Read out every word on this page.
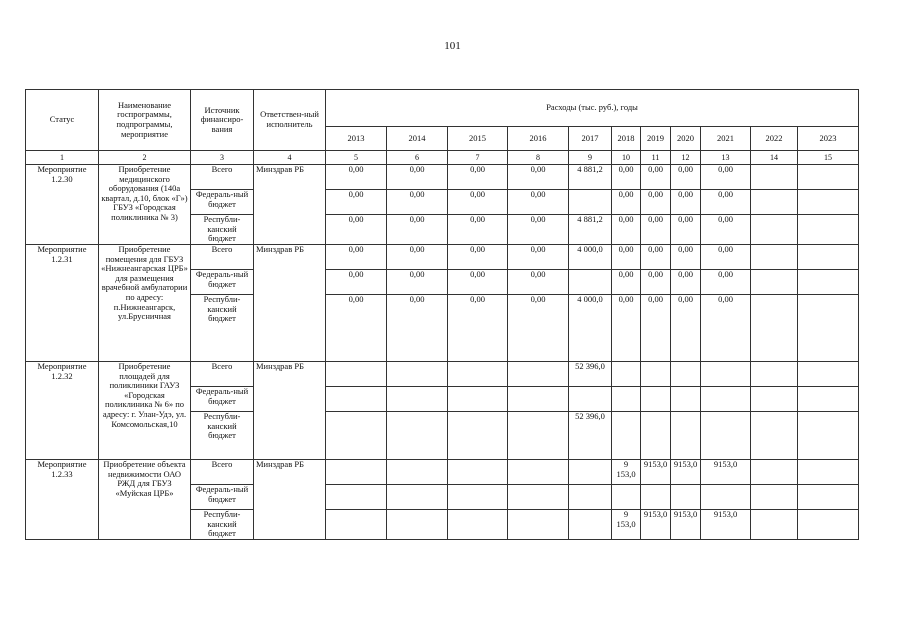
101
Статус	Наименование госпрограммы, подпрограммы, мероприятие	Источник финансиро-вания	Ответствен-ный исполнитель	Расходы (тыс. руб.), годы										
				2013	2014	2015	2016	2017	2018	2019	2020	2021	2022	2023
1	2	3	4	5	6	7	8	9	10	11	12	13	14	15
Мероприятие 1.2.30	Приобретение медицинского оборудования (140а квартал, д.10, блок «Г») ГБУЗ «Городская поликлиника № 3)	Всего	Минздрав РБ	0,00	0,00	0,00	0,00	4 881,2	0,00	0,00	0,00	0,00		
		Федераль-ный бюджет		0,00	0,00	0,00	0,00		0,00	0,00	0,00	0,00		
		Республи-канский бюджет		0,00	0,00	0,00	0,00	4 881,2	0,00	0,00	0,00	0,00		
Мероприятие 1.2.31	Приобретение помещения для ГБУЗ «Нижнеангарская ЦРБ» для размещения врачебной амбулатории по адресу: п.Нижнеангарск, ул.Брусничная	Всего	Минздрав РБ	0,00	0,00	0,00	0,00	4 000,0	0,00	0,00	0,00	0,00		
		Федераль-ный бюджет		0,00	0,00	0,00	0,00		0,00	0,00	0,00	0,00		
		Республи-канский бюджет		0,00	0,00	0,00	0,00	4 000,0	0,00	0,00	0,00	0,00		
Мероприятие 1.2.32	Приобретение площадей для поликлиники ГАУЗ «Городская поликлиника № 6» по адресу: г. Улан-Удэ, ул. Комсомольская,10	Всего	Минздрав РБ					52 396,0						
		Федераль-ный бюджет												
		Республи-канский бюджет						52 396,0						
Мероприятие 1.2.33	Приобретение объекта недвижимости ОАО РЖД для ГБУЗ «Муйская ЦРБ»	Всего	Минздрав РБ						9 153,0	9153,0	9153,0	9153,0		
		Федераль-ный бюджет												
		Республи-канский бюджет							9 153,0	9153,0	9153,0	9153,0		
